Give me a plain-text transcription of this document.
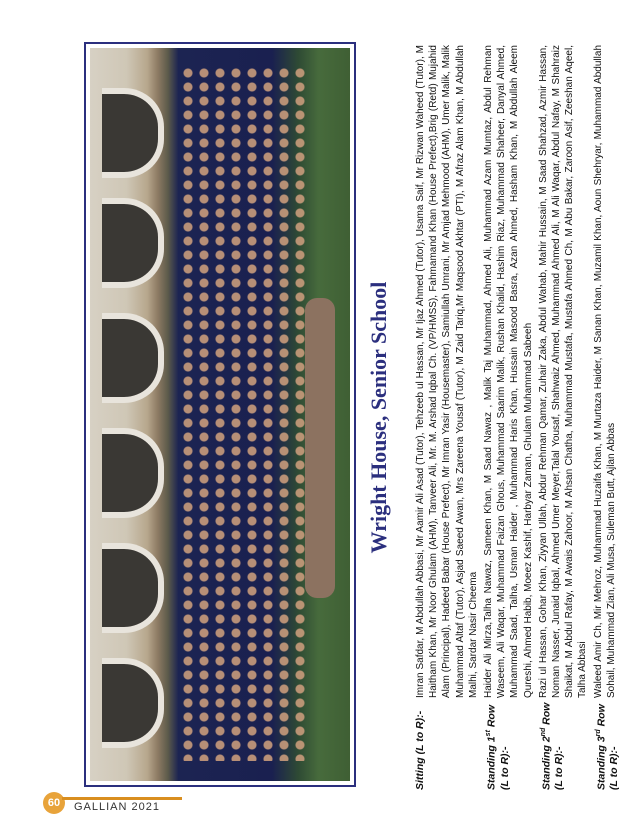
Wright House, Senior School
Sitting (L to R):-
Imran Safdar, M Abdullah Abbasi, Mr Aamir Ali Asad (Tutor), Tehzeeb ul Hassan, Mr Ijaz Ahmed (Tutor), Usama Saif, Mr Rizwan Waheed (Tutor), M Haitham Khan, Mr Noor Ghulam (AHM), Tanveer Ali, Mr. M. Arshad Iqbal Ch. (VP/HMSS), Fahmamand Khan (House Prefect),Brig (Retd) Mujahid Alam (Principal), Hadeed Babar (House Prefect), Mr Imran Yasir (Housemaster), Samiullah Umrani, Mr Amjad Mehmood (AHM), Umer Malik, Malik Muhammad Altaf (Tutor), Asjad Saeed Awan, Mrs Zareena Yousaf (Tutor), M Zaid Tariq,Mr Maqsood Akhtar (PTI), M Afraz Alam Khan, M Abdullah Malhi, Sardar Nasir Cheema
Standing 1st Row (L to R):-
Haider Ali Mirza,Talha Nawaz, Sameen Khan, M Saad Nawaz , Malik Taj Muhammad, Ahmed Ali, Muhammad Azam Mumtaz, Abdul Rehman Waseem, Ali Waqar, Muhammad Faizan Ghous, Muhammad Saarim Malik, Rushan Khalid, Hashim Riaz, Muhammad Shaheer, Danyal Ahmed, Muhammad Saad, Talha, Usman Haider , Muhammad Haris Khan, Hussain Masood Basra, Azan Ahmed, Hasham Khan, M Abdullah Aleem Qureshi, Ahmed Habib, Moeez Kashif, Harbyar Zaman, Ghulam Muhammad Sabeeh
Standing 2nd Row (L to R):-
Razi ul Hassan, Gohar Khan, Ziyyan Ullah, Abdur Rehman Qamar, Zuhair Zaka, Abdul Wahab, Mahir Hussain, M Saad Shahzad, Azmir Hassan, Noman Nasser, Junaid Iqbal, Ahmed Umer Meyer,Talal Yousaf, Shahwaiz Ahmed, Muhammad Ahmed Ali, M Ali Waqar, Abdul Nafay, M Shahraiz Shaikat, M Abdul Rafay, M Awais Zahoor, M Ahsan Chatha, Muhammad Mustafa, Mustafa Ahmed Ch, M Abu Bakar, Zaroon Asif, Zeeshan Aqeel, Talha Abbasi
Standing 3rd Row (L to R):-
Waleed Amir Ch, Mir Mehroz, Muhammad Huzaifa Khan, M Murtaza Haider, M Sanan Khan, Muzamil Khan, Aoun Shehryar, Muhammad Abdullah Sohail, Muhammad Zian, Ali Musa, Suleman Butt, Ajlan Abbas
60	GALLIAN 2021
